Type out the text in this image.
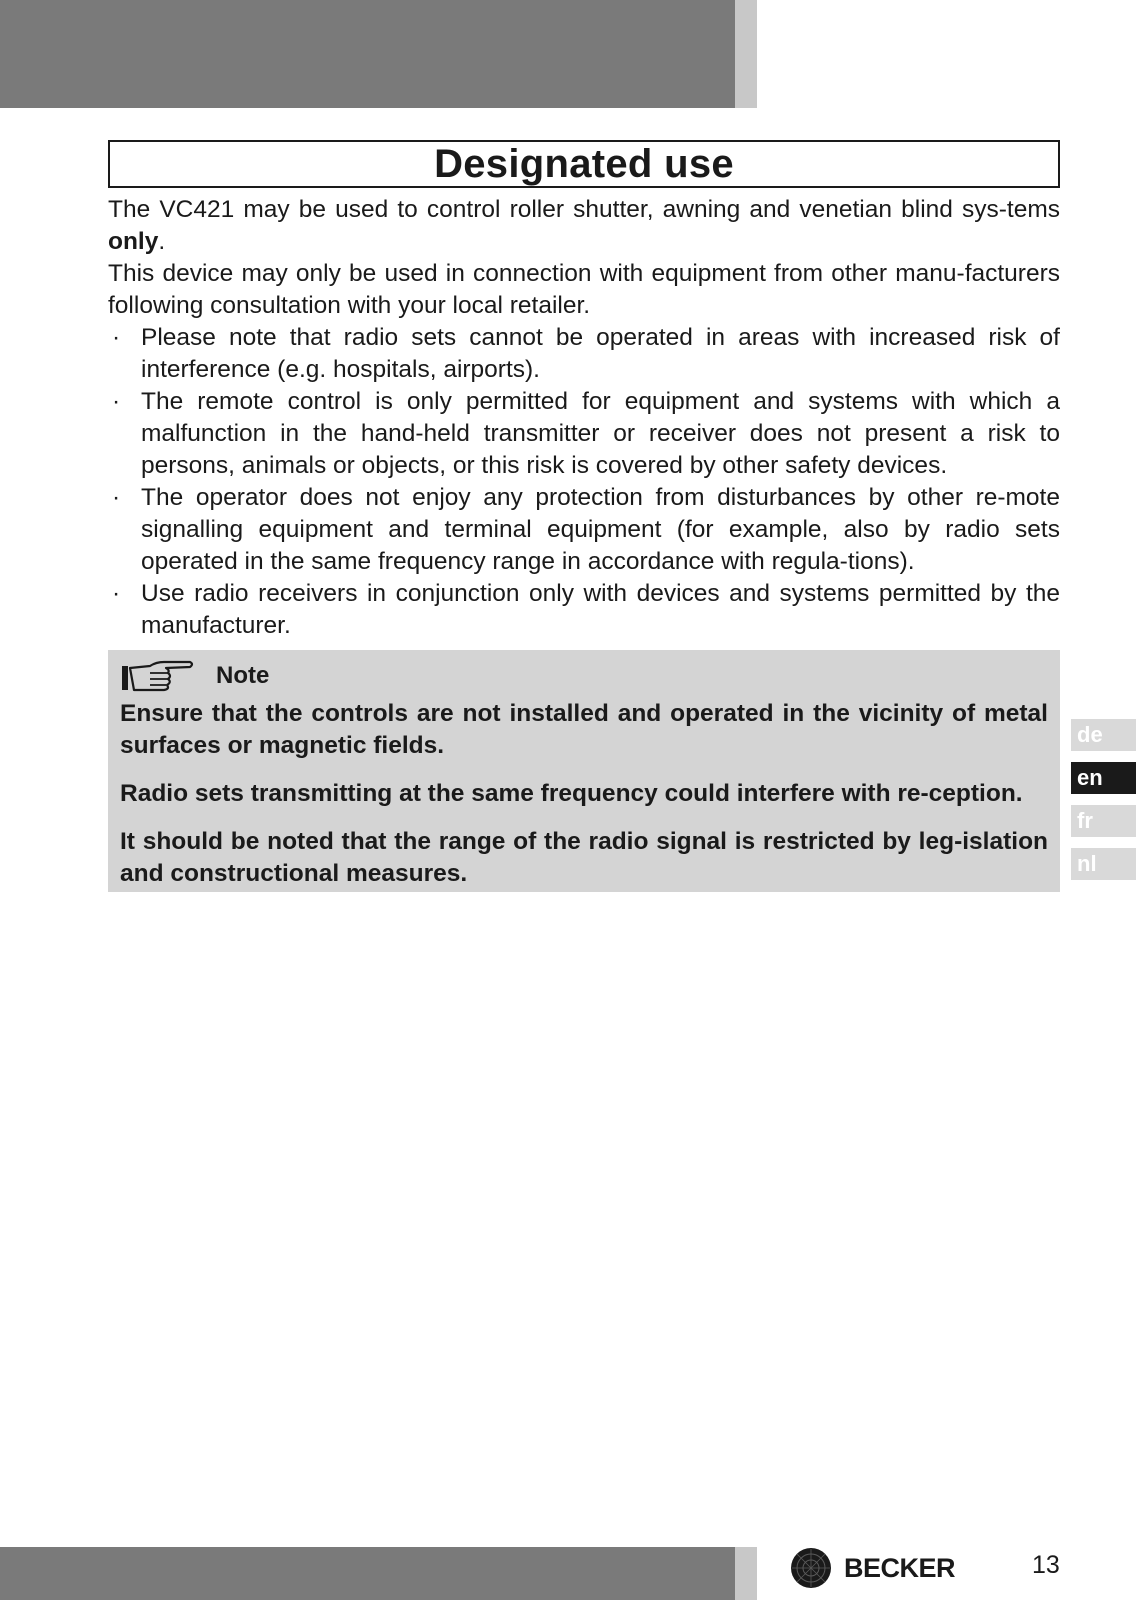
Designated use

The VC421 may be used to control roller shutter, awning and venetian blind sys-tems only.

This device may only be used in connection with equipment from other manu-facturers following consultation with your local retailer.

· Please note that radio sets cannot be operated in areas with increased risk of interference (e.g. hospitals, airports).
· The remote control is only permitted for equipment and systems with which a malfunction in the hand-held transmitter or receiver does not present a risk to persons, animals or objects, or this risk is covered by other safety devices.
· The operator does not enjoy any protection from disturbances by other re-mote signalling equipment and terminal equipment (for example, also by radio sets operated in the same frequency range in accordance with regula-tions).
· Use radio receivers in conjunction only with devices and systems permitted by the manufacturer.
Note

Ensure that the controls are not installed and operated in the vicinity of metal surfaces or magnetic fields.

Radio sets transmitting at the same frequency could interfere with re-ception.

It should be noted that the range of the radio signal is restricted by leg-islation and constructional measures.

de
en
fr
nl
BECKER	13
